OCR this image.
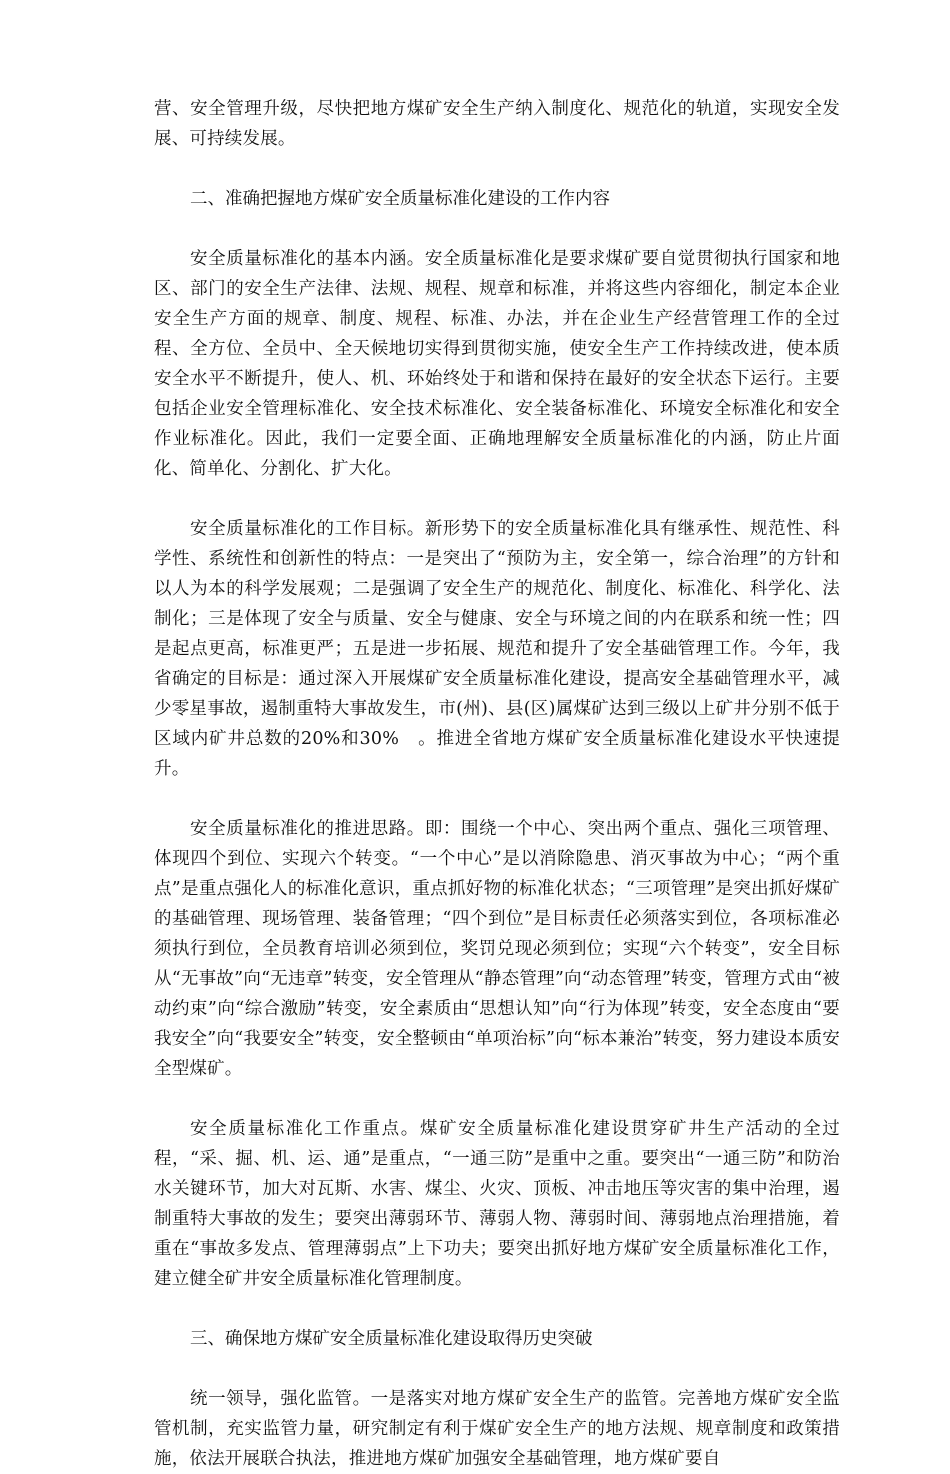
营、安全管理升级，尽快把地方煤矿安全生产纳入制度化、规范化的轨道，实现安全发展、可持续发展。

二、准确把握地方煤矿安全质量标准化建设的工作内容

安全质量标准化的基本内涵。安全质量标准化是要求煤矿要自觉贯彻执行国家和地区、部门的安全生产法律、法规、规程、规章和标准，并将这些内容细化，制定本企业安全生产方面的规章、制度、规程、标准、办法，并在企业生产经营管理工作的全过程、全方位、全员中、全天候地切实得到贯彻实施，使安全生产工作持续改进，使本质安全水平不断提升，使人、机、环始终处于和谐和保持在最好的安全状态下运行。主要包括企业安全管理标准化、安全技术标准化、安全装备标准化、环境安全标准化和安全作业标准化。因此，我们一定要全面、正确地理解安全质量标准化的内涵，防止片面化、简单化、分割化、扩大化。

安全质量标准化的工作目标。新形势下的安全质量标准化具有继承性、规范性、科学性、系统性和创新性的特点：一是突出了“预防为主，安全第一，综合治理”的方针和以人为本的科学发展观；二是强调了安全生产的规范化、制度化、标准化、科学化、法制化；三是体现了安全与质量、安全与健康、安全与环境之间的内在联系和统一性；四是起点更高，标准更严；五是进一步拓展、规范和提升了安全基础管理工作。今年，我省确定的目标是：通过深入开展煤矿安全质量标准化建设，提高安全基础管理水平，减少零星事故，遏制重特大事故发生，市(州)、县(区)属煤矿达到三级以上矿井分别不低于区域内矿井总数的20%和30%　。推进全省地方煤矿安全质量标准化建设水平快速提升。

安全质量标准化的推进思路。即：围绕一个中心、突出两个重点、强化三项管理、体现四个到位、实现六个转变。“一个中心”是以消除隐患、消灭事故为中心；“两个重点”是重点强化人的标准化意识，重点抓好物的标准化状态；“三项管理”是突出抓好煤矿的基础管理、现场管理、装备管理；“四个到位”是目标责任必须落实到位，各项标准必须执行到位，全员教育培训必须到位，奖罚兑现必须到位；实现“六个转变”，安全目标从“无事故”向“无违章”转变，安全管理从“静态管理”向“动态管理”转变，管理方式由“被动约束”向“综合激励”转变，安全素质由“思想认知”向“行为体现”转变，安全态度由“要我安全”向“我要安全”转变，安全整顿由“单项治标”向“标本兼治”转变，努力建设本质安全型煤矿。

安全质量标准化工作重点。煤矿安全质量标准化建设贯穿矿井生产活动的全过程，“采、掘、机、运、通”是重点，“一通三防”是重中之重。要突出“一通三防”和防治水关键环节，加大对瓦斯、水害、煤尘、火灾、顶板、冲击地压等灾害的集中治理，遏制重特大事故的发生；要突出薄弱环节、薄弱人物、薄弱时间、薄弱地点治理措施，着重在“事故多发点、管理薄弱点”上下功夫；要突出抓好地方煤矿安全质量标准化工作，建立健全矿井安全质量标准化管理制度。

三、确保地方煤矿安全质量标准化建设取得历史突破

统一领导，强化监管。一是落实对地方煤矿安全生产的监管。完善地方煤矿安全监管机制，充实监管力量，研究制定有利于煤矿安全生产的地方法规、规章制度和政策措施，依法开展联合执法，推进地方煤矿加强安全基础管理，地方煤矿要自
